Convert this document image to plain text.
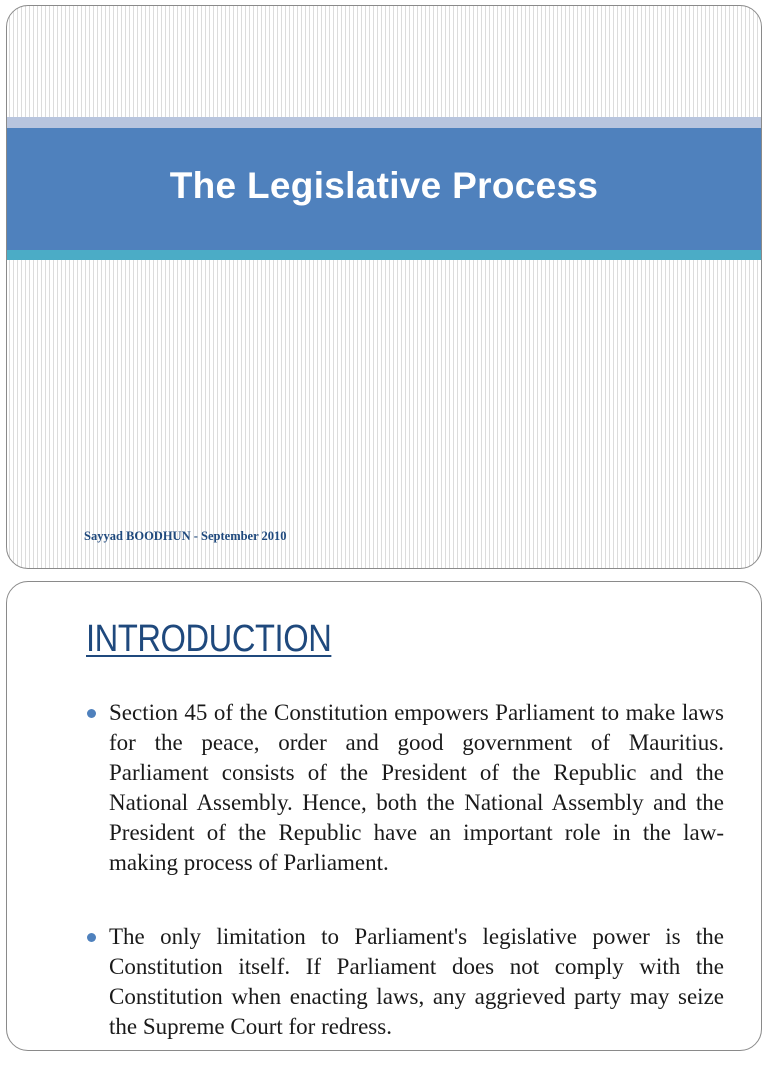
The Legislative Process
Sayyad BOODHUN - September 2010
INTRODUCTION
Section 45 of the Constitution empowers Parliament to make laws for the peace, order and good government of Mauritius. Parliament consists of the President of the Republic and the National Assembly. Hence, both the National Assembly and the President of the Republic have an important role in the law-making process of Parliament.
The only limitation to Parliament's legislative power is the Constitution itself. If Parliament does not comply with the Constitution when enacting laws, any aggrieved party may seize the Supreme Court for redress.
